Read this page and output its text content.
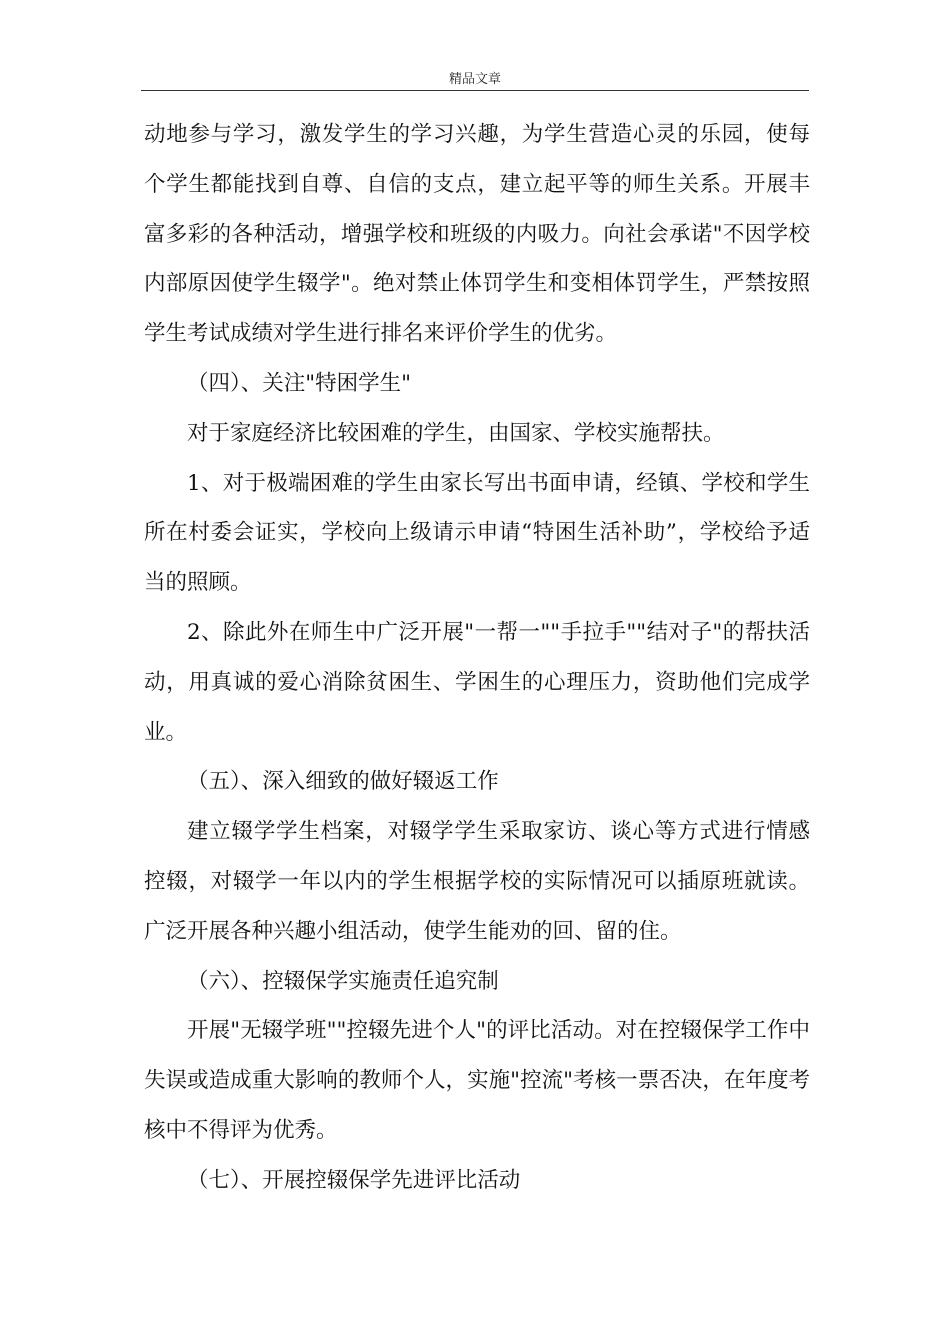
精品文章

动地参与学习，激发学生的学习兴趣，为学生营造心灵的乐园，使每个学生都能找到自尊、自信的支点，建立起平等的师生关系。开展丰富多彩的各种活动，增强学校和班级的内吸力。向社会承诺"不因学校内部原因使学生辍学"。绝对禁止体罚学生和变相体罚学生，严禁按照学生考试成绩对学生进行排名来评价学生的优劣。

（四）、关注"特困学生"

对于家庭经济比较困难的学生，由国家、学校实施帮扶。

1、对于极端困难的学生由家长写出书面申请，经镇、学校和学生所在村委会证实，学校向上级请示申请“特困生活补助”，学校给予适当的照顾。

2、除此外在师生中广泛开展"一帮一""手拉手""结对子"的帮扶活动，用真诚的爱心消除贫困生、学困生的心理压力，资助他们完成学业。

（五）、深入细致的做好辍返工作

建立辍学学生档案，对辍学学生采取家访、谈心等方式进行情感控辍，对辍学一年以内的学生根据学校的实际情况可以插原班就读。广泛开展各种兴趣小组活动，使学生能劝的回、留的住。

（六）、控辍保学实施责任追究制

开展"无辍学班""控辍先进个人"的评比活动。对在控辍保学工作中失误或造成重大影响的教师个人，实施"控流"考核一票否决，在年度考核中不得评为优秀。

（七）、开展控辍保学先进评比活动
